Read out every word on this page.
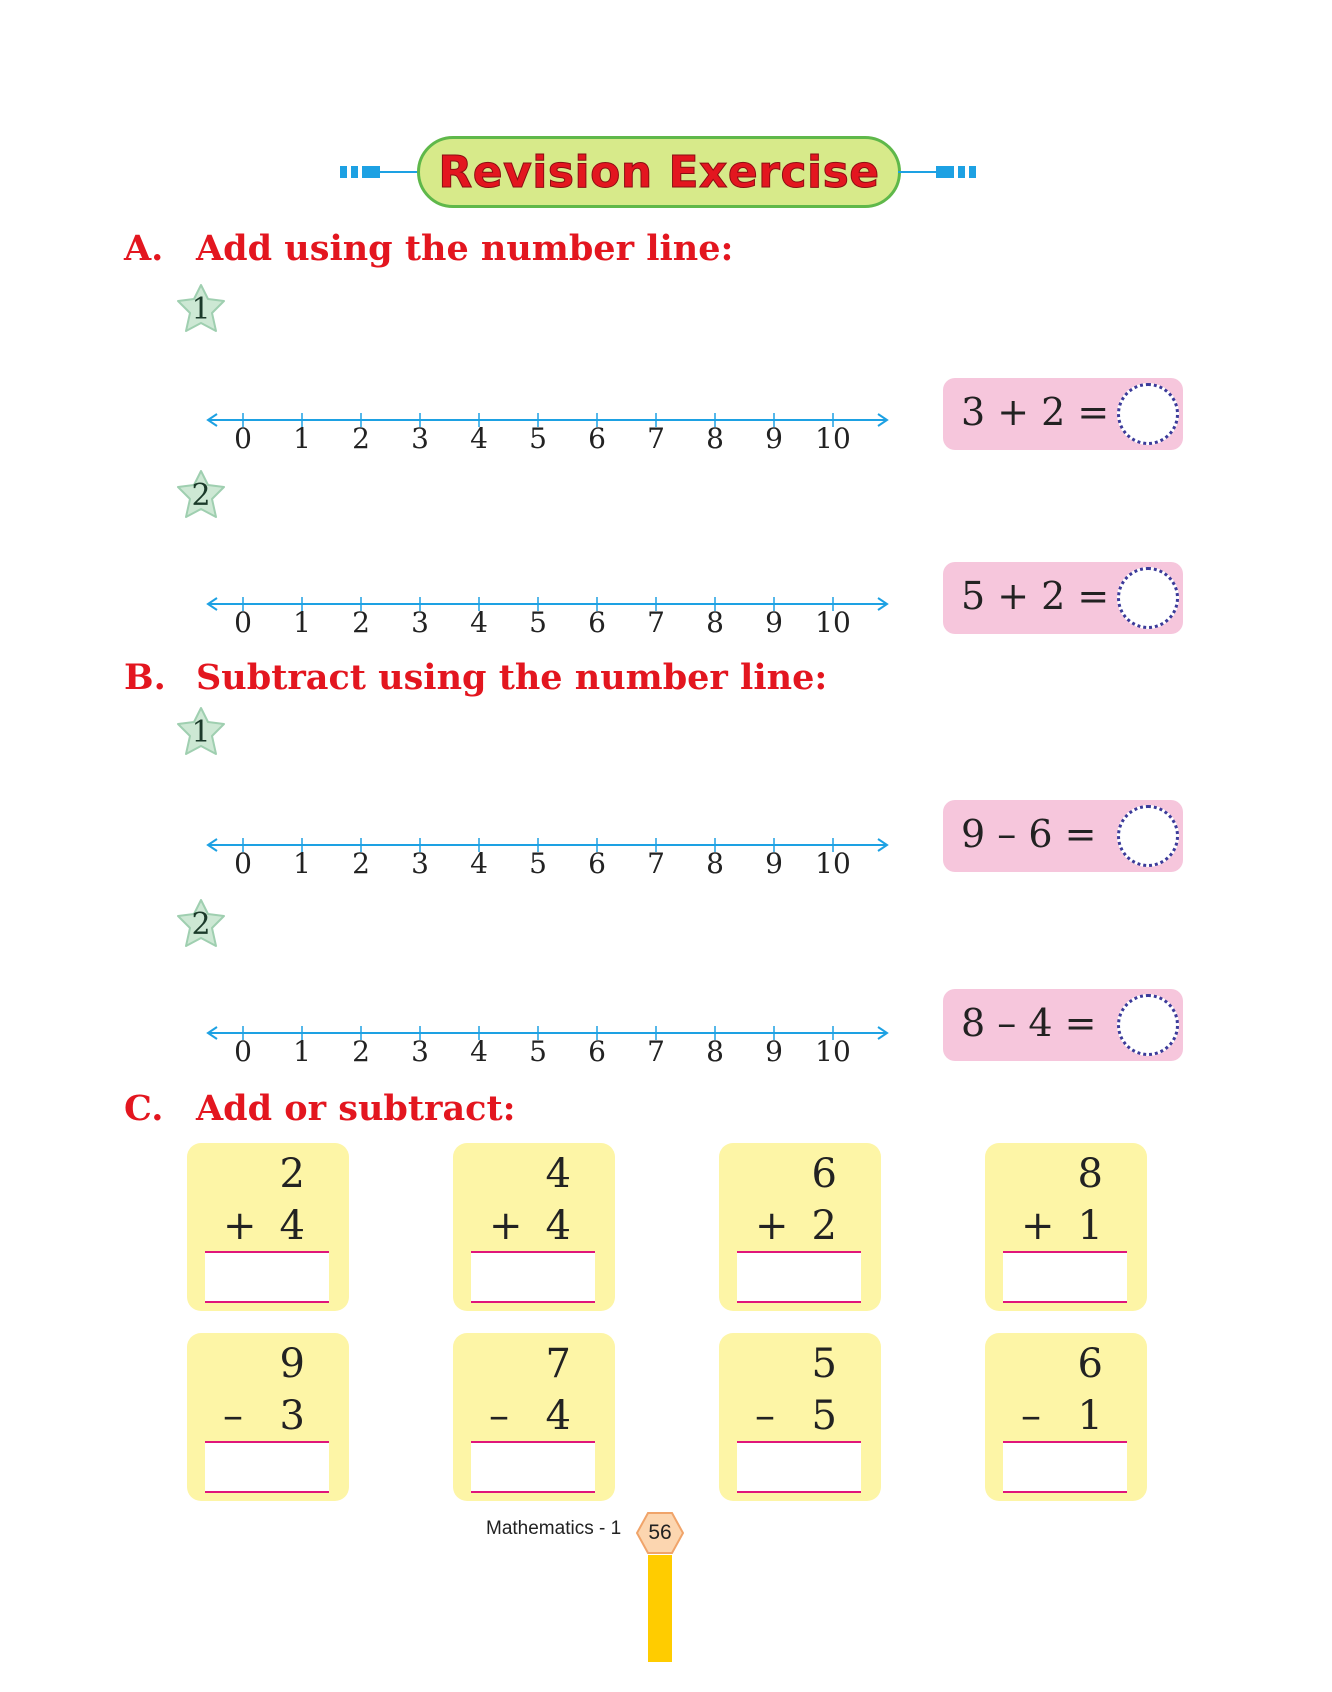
Revision Exercise
A. Add using the number line:
1
0	1	2	3	4	5	6	7	8	9	10
3 + 2 =
2
0	1	2	3	4	5	6	7	8	9	10
5 + 2 =
B. Subtract using the number line:
1
0	1	2	3	4	5	6	7	8	9	10
9 – 6 =
2
0	1	2	3	4	5	6	7	8	9	10
8 – 4 =
C. Add or subtract:
2
+ 4
4
+ 4
6
+ 2
8
+ 1
9
– 3
7
– 4
5
– 5
6
– 1
Mathematics - 1	56
